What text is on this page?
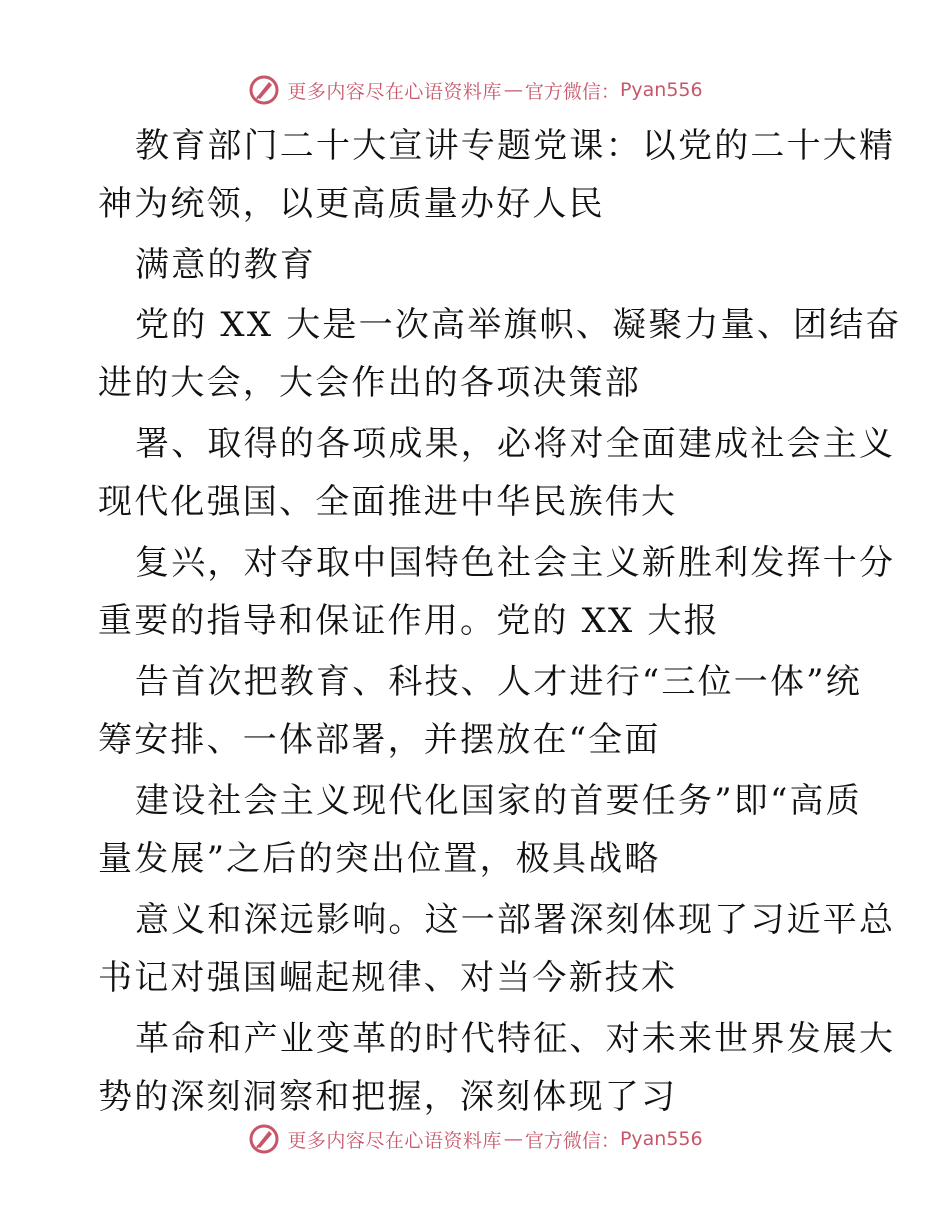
更多内容尽在心语资料库 — 官方微信： Pyan556
教育部门二十大宣讲专题党课：以党的二十大精
神为统领，以更高质量办好人民
满意的教育
党的 XX 大是一次高举旗帜、凝聚力量、团结奋
进的大会，大会作出的各项决策部
署、取得的各项成果，必将对全面建成社会主义
现代化强国、全面推进中华民族伟大
复兴，对夺取中国特色社会主义新胜利发挥十分
重要的指导和保证作用。党的 XX 大报
告首次把教育、科技、人才进行“三位一体”统
筹安排、一体部署，并摆放在“全面
建设社会主义现代化国家的首要任务”即“高质
量发展”之后的突出位置，极具战略
意义和深远影响。这一部署深刻体现了习近平总
书记对强国崛起规律、对当今新技术
革命和产业变革的时代特征、对未来世界发展大
势的深刻洞察和把握，深刻体现了习
更多内容尽在心语资料库 — 官方微信： Pyan556
